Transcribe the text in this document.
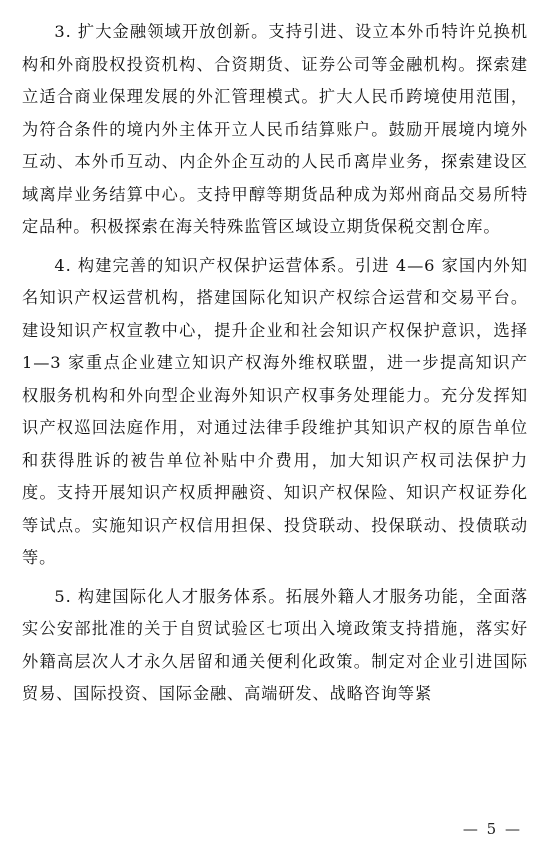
3. 扩大金融领域开放创新。支持引进、设立本外币特许兑换机构和外商股权投资机构、合资期货、证券公司等金融机构。探索建立适合商业保理发展的外汇管理模式。扩大人民币跨境使用范围，为符合条件的境内外主体开立人民币结算账户。鼓励开展境内境外互动、本外币互动、内企外企互动的人民币离岸业务，探索建设区域离岸业务结算中心。支持甲醇等期货品种成为郑州商品交易所特定品种。积极探索在海关特殊监管区域设立期货保税交割仓库。

4. 构建完善的知识产权保护运营体系。引进 4—6 家国内外知名知识产权运营机构，搭建国际化知识产权综合运营和交易平台。建设知识产权宣教中心，提升企业和社会知识产权保护意识，选择 1—3 家重点企业建立知识产权海外维权联盟，进一步提高知识产权服务机构和外向型企业海外知识产权事务处理能力。充分发挥知识产权巡回法庭作用，对通过法律手段维护其知识产权的原告单位和获得胜诉的被告单位补贴中介费用，加大知识产权司法保护力度。支持开展知识产权质押融资、知识产权保险、知识产权证券化等试点。实施知识产权信用担保、投贷联动、投保联动、投债联动等。

5. 构建国际化人才服务体系。拓展外籍人才服务功能，全面落实公安部批准的关于自贸试验区七项出入境政策支持措施，落实好外籍高层次人才永久居留和通关便利化政策。制定对企业引进国际贸易、国际投资、国际金融、高端研发、战略咨询等紧

— 5 —
